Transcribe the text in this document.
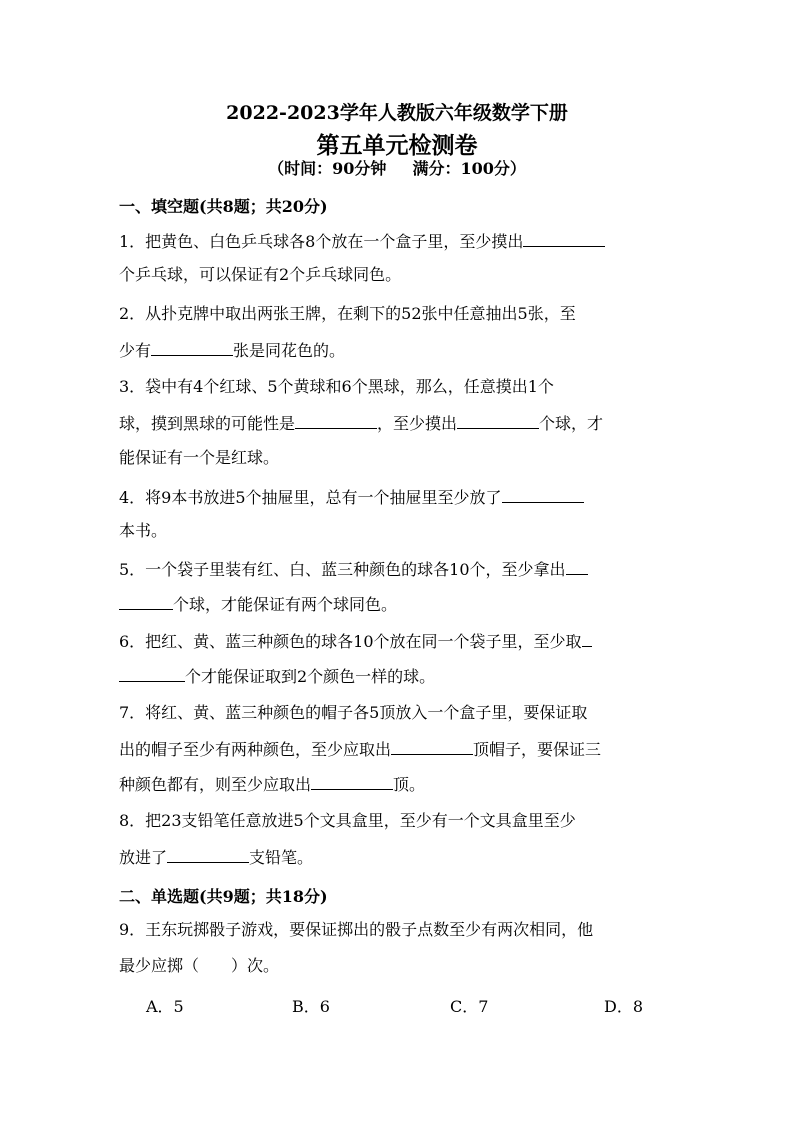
2022-2023学年人教版六年级数学下册
第五单元检测卷
（时间：90分钟 满分：100分）
一、填空题(共8题；共20分)
1．把黄色、白色乒乓球各8个放在一个盒子里，至少摸出
个乒乓球，可以保证有2个乒乓球同色。
2．从扑克牌中取出两张王牌，在剩下的52张中任意抽出5张，至
少有	张是同花色的。
3．袋中有4个红球、5个黄球和6个黑球，那么，任意摸出1个
球，摸到黑球的可能性是	，至少摸出	个球，才
能保证有一个是红球。
4．将9本书放进5个抽屉里，总有一个抽屉里至少放了
本书。
5．一个袋子里装有红、白、蓝三种颜色的球各10个，至少拿出
个球，才能保证有两个球同色。
6．把红、黄、蓝三种颜色的球各10个放在同一个袋子里，至少取
个才能保证取到2个颜色一样的球。
7．将红、黄、蓝三种颜色的帽子各5顶放入一个盒子里，要保证取
出的帽子至少有两种颜色，至少应取出	顶帽子，要保证三
种颜色都有，则至少应取出	顶。
8．把23支铅笔任意放进5个文具盒里，至少有一个文具盒里至少
放进了	支铅笔。
二、单选题(共9题；共18分)
9．王东玩掷骰子游戏，要保证掷出的骰子点数至少有两次相同，他
最少应掷（　　）次。
A．5	B．6	C．7	D．8
